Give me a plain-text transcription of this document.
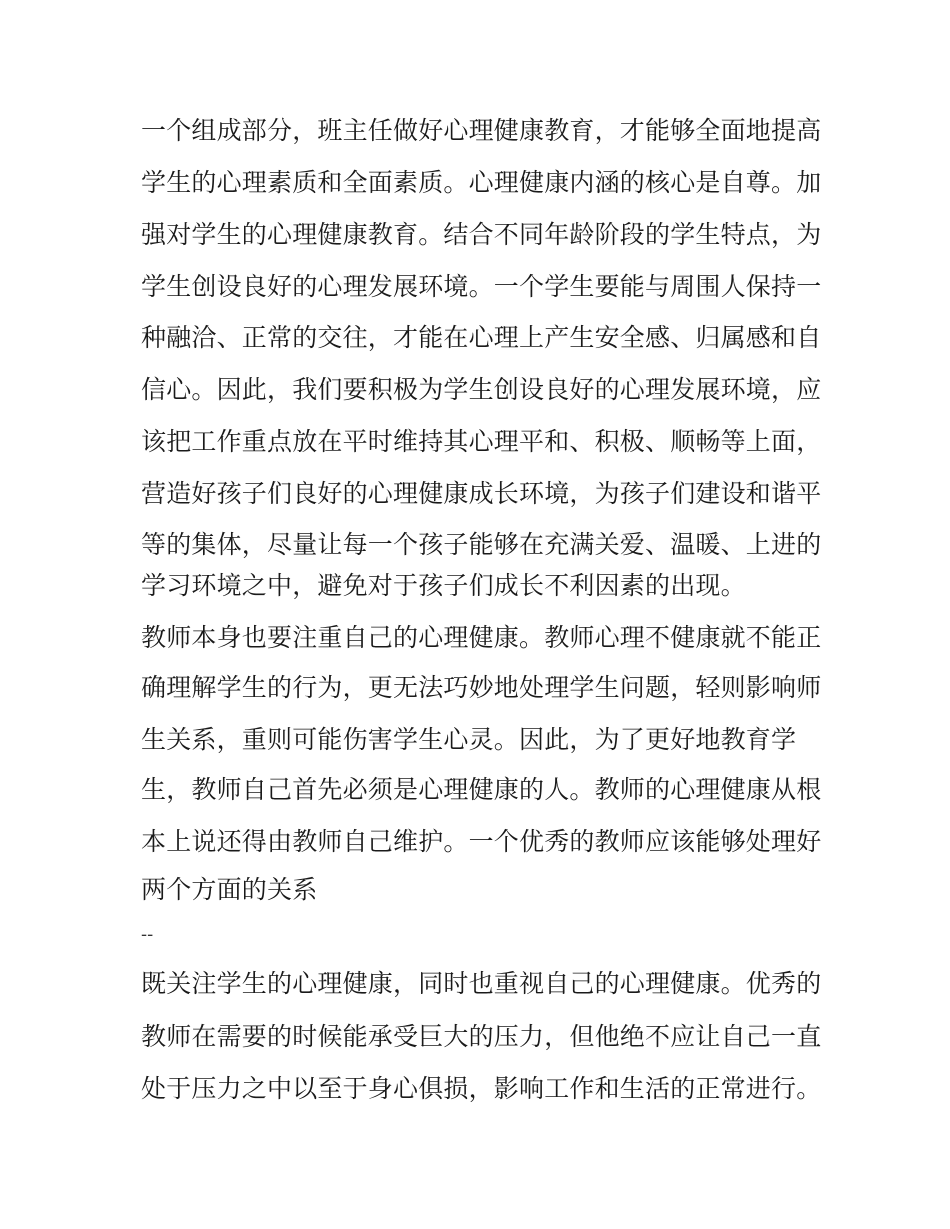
一个组成部分，班主任做好心理健康教育，才能够全面地提高
学生的心理素质和全面素质。心理健康内涵的核心是自尊。加
强对学生的心理健康教育。结合不同年龄阶段的学生特点，为
学生创设良好的心理发展环境。一个学生要能与周围人保持一
种融洽、正常的交往，才能在心理上产生安全感、归属感和自
信心。因此，我们要积极为学生创设良好的心理发展环境，应
该把工作重点放在平时维持其心理平和、积极、顺畅等上面，
营造好孩子们良好的心理健康成长环境，为孩子们建设和谐平
等的集体，尽量让每一个孩子能够在充满关爱、温暖、上进的
学习环境之中，避免对于孩子们成长不利因素的出现。
教师本身也要注重自己的心理健康。教师心理不健康就不能正
确理解学生的行为，更无法巧妙地处理学生问题，轻则影响师
生关系，重则可能伤害学生心灵。因此，为了更好地教育学
生，教师自己首先必须是心理健康的人。教师的心理健康从根
本上说还得由教师自己维护。一个优秀的教师应该能够处理好
两个方面的关系
--
既关注学生的心理健康，同时也重视自己的心理健康。优秀的
教师在需要的时候能承受巨大的压力，但他绝不应让自己一直
处于压力之中以至于身心俱损，影响工作和生活的正常进行。
